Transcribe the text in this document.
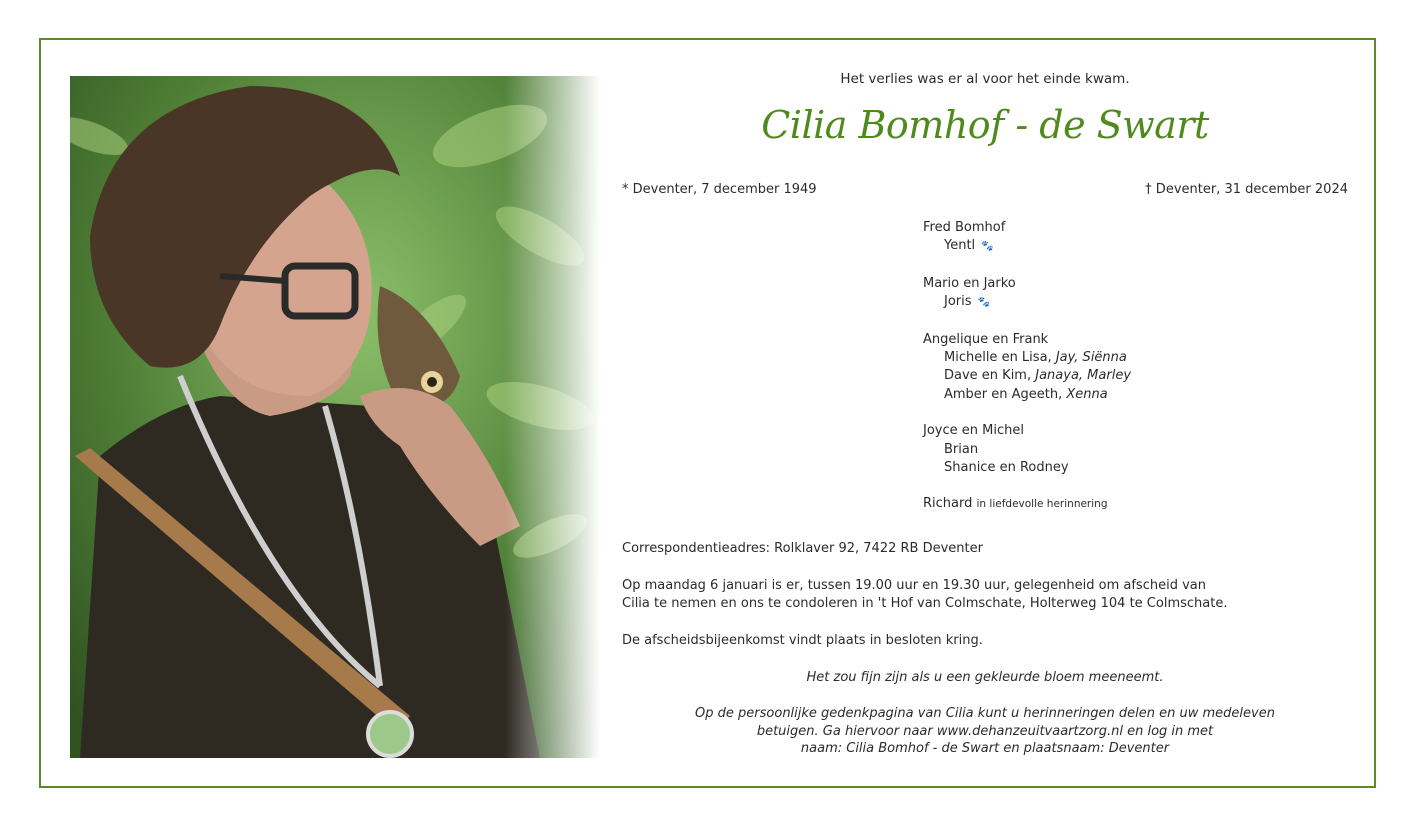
Het verlies was er al voor het einde kwam.
Cilia Bomhof - de Swart
* Deventer, 7 december 1949	† Deventer, 31 december 2024
Fred Bomhof
Yentl 🐾
Mario en Jarko
Joris 🐾
Angelique en Frank
Michelle en Lisa, Jay, Siënna
Dave en Kim, Janaya, Marley
Amber en Ageeth, Xenna
Joyce en Michel
Brian
Shanice en Rodney
Richard in liefdevolle herinnering
Correspondentieadres: Rolklaver 92, 7422 RB Deventer
Op maandag 6 januari is er, tussen 19.00 uur en 19.30 uur, gelegenheid om afscheid van
Cilia te nemen en ons te condoleren in 't Hof van Colmschate, Holterweg 104 te Colmschate.
De afscheidsbijeenkomst vindt plaats in besloten kring.
Het zou fijn zijn als u een gekleurde bloem meeneemt.
Op de persoonlijke gedenkpagina van Cilia kunt u herinneringen delen en uw medeleven
betuigen. Ga hiervoor naar www.dehanzeuitvaartzorg.nl en log in met
naam: Cilia Bomhof - de Swart en plaatsnaam: Deventer
